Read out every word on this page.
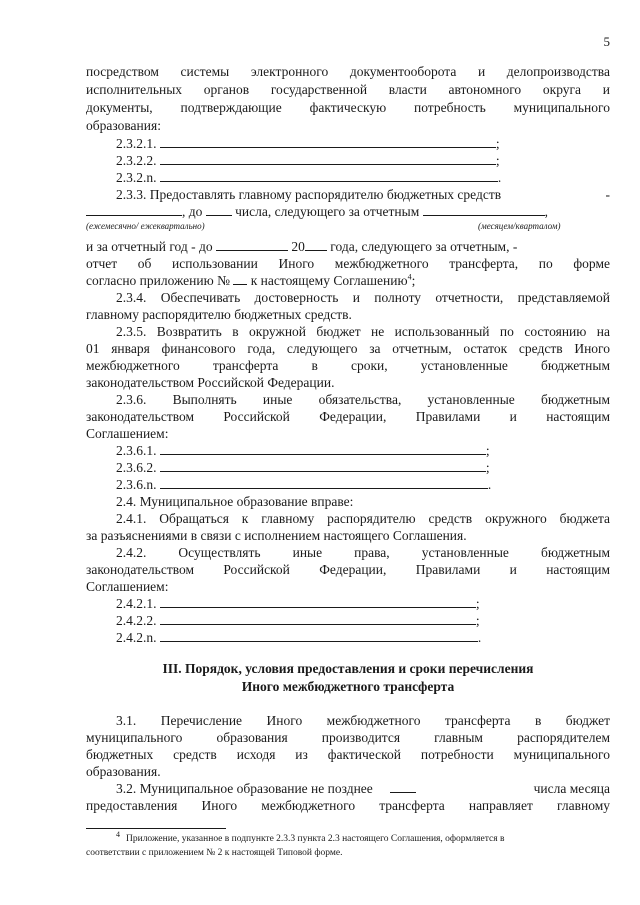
5
посредством системы электронного документооборота и делопроизводства
исполнительных органов государственной власти автономного округа и
документы, подтверждающие фактическую потребность муниципального
образования:
2.3.2.1.	;
2.3.2.2.	;
2.3.2.n.	.
2.3.3. Предоставлять главному распорядителю бюджетных средств	-
, до числа, следующего за отчетным	,
(ежемесячно/ ежеквартально)	(месяцем/кварталом)
и за отчетный год - до	20 года, следующего за отчетным, -
отчет об использовании Иного межбюджетного трансферта, по форме
согласно приложению № к настоящему Соглашению$^4$;
2.3.4. Обеспечивать достоверность и полноту отчетности, представляемой
главному распорядителю бюджетных средств.
2.3.5. Возвратить в окружной бюджет не использованный по состоянию на
01 января финансового года, следующего за отчетным, остаток средств Иного
межбюджетного трансферта в сроки, установленные бюджетным
законодательством Российской Федерации.
2.3.6. Выполнять иные обязательства, установленные бюджетным
законодательством Российской Федерации, Правилами и настоящим
Соглашением:
2.3.6.1.	;
2.3.6.2.	;
2.3.6.n.	.
2.4. Муниципальное образование вправе:
2.4.1. Обращаться к главному распорядителю средств окружного бюджета
за разъяснениями в связи с исполнением настоящего Соглашения.
2.4.2. Осуществлять иные права, установленные бюджетным
законодательством Российской Федерации, Правилами и настоящим
Соглашением:
2.4.2.1.	;
2.4.2.2.	;
2.4.2.n.	.
III. Порядок, условия предоставления и сроки перечисления
Иного межбюджетного трансферта
3.1. Перечисление Иного межбюджетного трансферта в бюджет
муниципального образования производится главным распорядителем
бюджетных средств исходя из фактической потребности муниципального
образования.
3.2. Муниципальное образование не позднее	числа месяца
предоставления Иного межбюджетного трансферта направляет главному
$^4$ Приложение, указанное в подпункте 2.3.3 пункта 2.3 настоящего Соглашения, оформляется в
соответствии с приложением № 2 к настоящей Типовой форме.
